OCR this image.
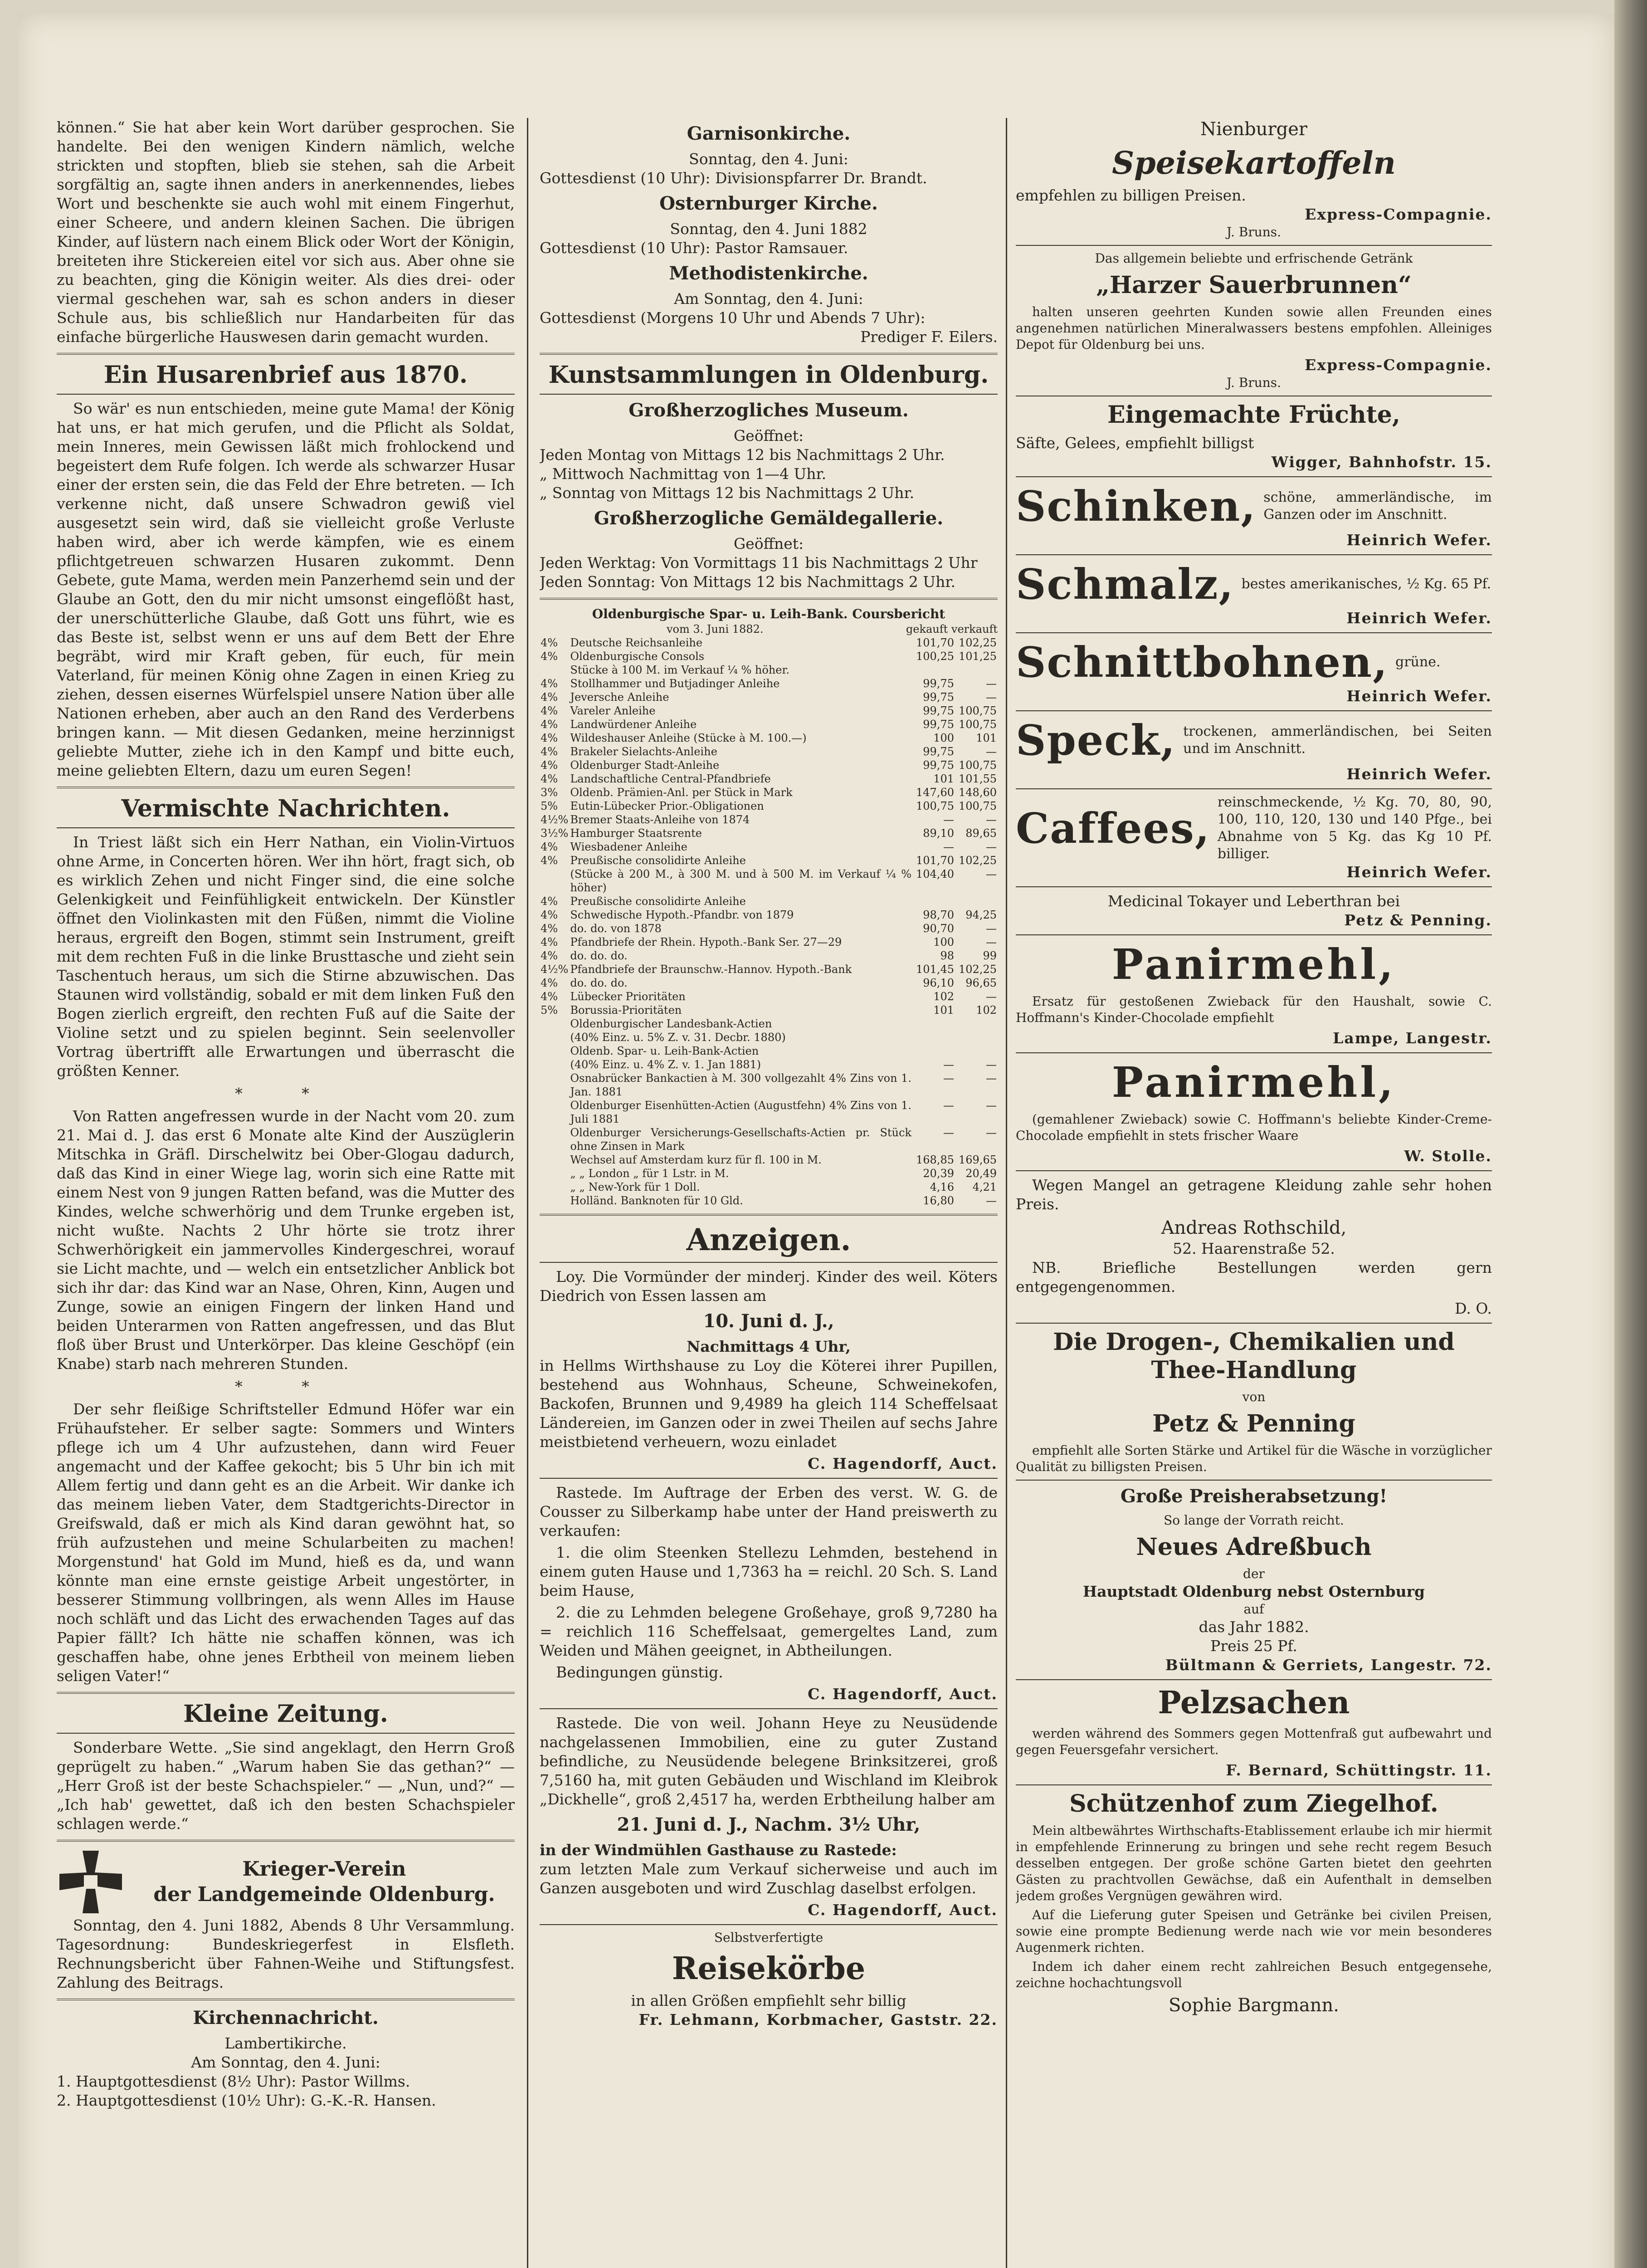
können.“ Sie hat aber kein Wort darüber gesprochen. Sie handelte. Bei den wenigen Kindern nämlich, welche strickten und stopften, blieb sie stehen, sah die Arbeit sorgfältig an, sagte ihnen anders in anerkennendes, liebes Wort und beschenkte sie auch wohl mit einem Fingerhut, einer Scheere, und andern kleinen Sachen. Die übrigen Kinder, auf lüstern nach einem Blick oder Wort der Königin, breiteten ihre Stickereien eitel vor sich aus. Aber ohne sie zu beachten, ging die Königin weiter. Als dies drei- oder viermal geschehen war, sah es schon anders in dieser Schule aus, bis schließlich nur Handarbeiten für das einfache bürgerliche Hauswesen darin gemacht wurden.

Ein Husarenbrief aus 1870.

So wär' es nun entschieden, meine gute Mama! der König hat uns, er hat mich gerufen, und die Pflicht als Soldat, mein Inneres, mein Gewissen läßt mich frohlockend und begeistert dem Rufe folgen. Ich werde als schwarzer Husar einer der ersten sein, die das Feld der Ehre betreten. — Ich verkenne nicht, daß unsere Schwadron gewiß viel ausgesetzt sein wird, daß sie vielleicht große Verluste haben wird, aber ich werde kämpfen, wie es einem pflichtgetreuen schwarzen Husaren zukommt. Denn Gebete, gute Mama, werden mein Panzerhemd sein und der Glaube an Gott, den du mir nicht umsonst eingeflößt hast, der unerschütterliche Glaube, daß Gott uns führt, wie es das Beste ist, selbst wenn er uns auf dem Bett der Ehre begräbt, wird mir Kraft geben, für euch, für mein Vaterland, für meinen König ohne Zagen in einen Krieg zu ziehen, dessen eisernes Würfelspiel unsere Nation über alle Nationen erheben, aber auch an den Rand des Verderbens bringen kann. — Mit diesen Gedanken, meine herzinnigst geliebte Mutter, ziehe ich in den Kampf und bitte euch, meine geliebten Eltern, dazu um euren Segen!

Vermischte Nachrichten.

In Triest läßt sich ein Herr Nathan, ein Violin-Virtuos ohne Arme, in Concerten hören. Wer ihn hört, fragt sich, ob es wirklich Zehen und nicht Finger sind, die eine solche Gelenkigkeit und Feinfühligkeit entwickeln. Der Künstler öffnet den Violinkasten mit den Füßen, nimmt die Violine heraus, ergreift den Bogen, stimmt sein Instrument, greift mit dem rechten Fuß in die linke Brusttasche und zieht sein Taschentuch heraus, um sich die Stirne abzuwischen. Das Staunen wird vollständig, sobald er mit dem linken Fuß den Bogen zierlich ergreift, den rechten Fuß auf die Saite der Violine setzt und zu spielen beginnt. Sein seelenvoller Vortrag übertrifft alle Erwartungen und überrascht die größten Kenner.

* *

Von Ratten angefressen wurde in der Nacht vom 20. zum 21. Mai d. J. das erst 6 Monate alte Kind der Auszüglerin Mitschka in Gräfl. Dirschelwitz bei Ober-Glogau dadurch, daß das Kind in einer Wiege lag, worin sich eine Ratte mit einem Nest von 9 jungen Ratten befand, was die Mutter des Kindes, welche schwerhörig und dem Trunke ergeben ist, nicht wußte. Nachts 2 Uhr hörte sie trotz ihrer Schwerhörigkeit ein jammervolles Kindergeschrei, worauf sie Licht machte, und — welch ein entsetzlicher Anblick bot sich ihr dar: das Kind war an Nase, Ohren, Kinn, Augen und Zunge, sowie an einigen Fingern der linken Hand und beiden Unterarmen von Ratten angefressen, und das Blut floß über Brust und Unterkörper. Das kleine Geschöpf (ein Knabe) starb nach mehreren Stunden.

* *

Der sehr fleißige Schriftsteller Edmund Höfer war ein Frühaufsteher. Er selber sagte: Sommers und Winters pflege ich um 4 Uhr aufzustehen, dann wird Feuer angemacht und der Kaffee gekocht; bis 5 Uhr bin ich mit Allem fertig und dann geht es an die Arbeit. Wir danke ich das meinem lieben Vater, dem Stadtgerichts-Director in Greifswald, daß er mich als Kind daran gewöhnt hat, so früh aufzustehen und meine Schularbeiten zu machen! Morgenstund' hat Gold im Mund, hieß es da, und wann könnte man eine ernste geistige Arbeit ungestörter, in besserer Stimmung vollbringen, als wenn Alles im Hause noch schläft und das Licht des erwachenden Tages auf das Papier fällt? Ich hätte nie schaffen können, was ich geschaffen habe, ohne jenes Erbtheil von meinem lieben seligen Vater!“

Kleine Zeitung.

Sonderbare Wette. „Sie sind angeklagt, den Herrn Groß geprügelt zu haben.“ „Warum haben Sie das gethan?“ — „Herr Groß ist der beste Schachspieler.“ — „Nun, und?“ — „Ich hab' gewettet, daß ich den besten Schachspieler schlagen werde.“

Krieger-Verein
der Landgemeinde Oldenburg.

Sonntag, den 4. Juni 1882, Abends 8 Uhr Versammlung. Tagesordnung: Bundeskriegerfest in Elsfleth. Rechnungsbericht über Fahnen-Weihe und Stiftungsfest. Zahlung des Beitrags.

Kirchennachricht.
Lambertikirche.
Am Sonntag, den 4. Juni:
1. Hauptgottesdienst (8½ Uhr): Pastor Willms.
2. Hauptgottesdienst (10½ Uhr): G.-K.-R. Hansen.
Garnisonkirche.
Sonntag, den 4. Juni:
Gottesdienst (10 Uhr): Divisionspfarrer Dr. Brandt.
Osternburger Kirche.
Sonntag, den 4. Juni 1882
Gottesdienst (10 Uhr): Pastor Ramsauer.
Methodistenkirche.
Am Sonntag, den 4. Juni:
Gottesdienst (Morgens 10 Uhr und Abends 7 Uhr):
Prediger F. Eilers.
Kunstsammlungen in Oldenburg.
Großherzogliches Museum.
Geöffnet:
Jeden Montag von Mittags 12 bis Nachmittags 2 Uhr.
„ Mittwoch Nachmittag von 1—4 Uhr.
„ Sonntag von Mittags 12 bis Nachmittags 2 Uhr.
Großherzogliche Gemäldegallerie.
Geöffnet:
Jeden Werktag: Von Vormittags 11 bis Nachmittags 2 Uhr
Jeden Sonntag: Von Mittags 12 bis Nachmittags 2 Uhr.
Oldenburgische Spar- u. Leih-Bank. Coursbericht
vom 3. Juni 1882.	gekauft verkauft
4%	Deutsche Reichsanleihe	101,70	102,25
4%	Oldenburgische Consols	100,25	101,25
	Stücke à 100 M. im Verkauf ¼ % höher.		
4%	Stollhammer und Butjadinger Anleihe	99,75	—
4%	Jeversche Anleihe	99,75	—
4%	Vareler Anleihe	99,75	100,75
4%	Landwürdener Anleihe	99,75	100,75
4%	Wildeshauser Anleihe (Stücke à M. 100.—)	100	101
4%	Brakeler Sielachts-Anleihe	99,75	—
4%	Oldenburger Stadt-Anleihe	99,75	100,75
4%	Landschaftliche Central-Pfandbriefe	101	101,55
3%	Oldenb. Prämien-Anl. per Stück in Mark	147,60	148,60
5%	Eutin-Lübecker Prior.-Obligationen	100,75	100,75
4½%	Bremer Staats-Anleihe von 1874	—	—
3½%	Hamburger Staatsrente	89,10	89,65
4%	Wiesbadener Anleihe	—	—
4%	Preußische consolidirte Anleihe	101,70	102,25
	(Stücke à 200 M., à 300 M. und à 500 M. im Verkauf ¼ % höher)	104,40	—
4%	Preußische consolidirte Anleihe		
4%	Schwedische Hypoth.-Pfandbr. von 1879	98,70	94,25
4%	do. do. von 1878	90,70	—
4%	Pfandbriefe der Rhein. Hypoth.-Bank Ser. 27—29	100	—
4%	do. do. do.	98	99
4½%	Pfandbriefe der Braunschw.-Hannov. Hypoth.-Bank	101,45	102,25
4%	do. do. do.	96,10	96,65
4%	Lübecker Prioritäten	102	—
5%	Borussia-Prioritäten	101	102
	Oldenburgischer Landesbank-Actien		
	(40% Einz. u. 5% Z. v. 31. Decbr. 1880)		
	Oldenb. Spar- u. Leih-Bank-Actien		
	(40% Einz. u. 4% Z. v. 1. Jan 1881)	—	—
	Osnabrücker Bankactien à M. 300 vollgezahlt 4% Zins von 1. Jan. 1881	—	—
	Oldenburger Eisenhütten-Actien (Augustfehn) 4% Zins von 1. Juli 1881	—	—
	Oldenburger Versicherungs-Gesellschafts-Actien pr. Stück ohne Zinsen in Mark	—	—
	Wechsel auf Amsterdam kurz für fl. 100 in M.	168,85	169,65
	„ „ London „ für 1 Lstr. in M.	20,39	20,49
	„ „ New-York für 1 Doll.	4,16	4,21
	Holländ. Banknoten für 10 Gld.	16,80	—
Anzeigen.

Loy. Die Vormünder der minderj. Kinder des weil. Köters Diedrich von Essen lassen am

10. Juni d. J.,
Nachmittags 4 Uhr,

in Hellms Wirthshause zu Loy die Köterei ihrer Pupillen, bestehend aus Wohnhaus, Scheune, Schweinekofen, Backofen, Brunnen und 9,4989 ha gleich 114 Scheffelsaat Ländereien, im Ganzen oder in zwei Theilen auf sechs Jahre meistbietend verheuern, wozu einladet

C. Hagendorff, Auct.

Rastede. Im Auftrage der Erben des verst. W. G. de Cousser zu Silberkamp habe unter der Hand preiswerth zu verkaufen:

1. die olim Steenken Stellezu Lehmden, bestehend in einem guten Hause und 1,7363 ha = reichl. 20 Sch. S. Land beim Hause,

2. die zu Lehmden belegene Großehaye, groß 9,7280 ha = reichlich 116 Scheffelsaat, gemergeltes Land, zum Weiden und Mähen geeignet, in Abtheilungen.

Bedingungen günstig.

C. Hagendorff, Auct.

Rastede. Die von weil. Johann Heye zu Neusüdende nachgelassenen Immobilien, eine zu guter Zustand befindliche, zu Neusüdende belegene Brinksitzerei, groß 7,5160 ha, mit guten Gebäuden und Wischland im Kleibrok „Dickhelle“, groß 2,4517 ha, werden Erbtheilung halber am

21. Juni d. J., Nachm. 3½ Uhr,
in der Windmühlen Gasthause zu Rastede:

zum letzten Male zum Verkauf sicherweise und auch im Ganzen ausgeboten und wird Zuschlag daselbst erfolgen.

C. Hagendorff, Auct.
Selbstverfertigte
Reisekörbe
in allen Größen empfiehlt sehr billig
Fr. Lehmann, Korbmacher, Gaststr. 22.
Nienburger
Speisekartoffeln
empfehlen zu billigen Preisen.
Express-Compagnie.
J. Bruns.
Das allgemein beliebte und erfrischende Getränk
„Harzer Sauerbrunnen“

halten unseren geehrten Kunden sowie allen Freunden eines angenehmen natürlichen Mineralwassers bestens empfohlen. Alleiniges Depot für Oldenburg bei uns.

Express-Compagnie.
J. Bruns.
Eingemachte Früchte,
Säfte, Gelees, empfiehlt billigst
Wigger, Bahnhofstr. 15.
Schinken, schöne, ammerländische, im Ganzen oder im Anschnitt.
Heinrich Wefer.
Schmalz, bestes amerikanisches, ½ Kg. 65 Pf.
Heinrich Wefer.
Schnittbohnen, grüne.
Heinrich Wefer.
Speck, trockenen, ammerländischen, bei Seiten und im Anschnitt.
Heinrich Wefer.
Caffees,
reinschmeckende, ½ Kg. 70, 80, 90, 100, 110, 120, 130 und 140 Pfge., bei Abnahme von 5 Kg. das Kg 10 Pf. billiger.
Heinrich Wefer.
Medicinal Tokayer und Leberthran bei
Petz & Penning.
Panirmehl,

Ersatz für gestoßenen Zwieback für den Haushalt, sowie C. Hoffmann's Kinder-Chocolade empfiehlt

Lampe, Langestr.
Panirmehl,

(gemahlener Zwieback) sowie C. Hoffmann's beliebte Kinder-Creme-Chocolade empfiehlt in stets frischer Waare

W. Stolle.

Wegen Mangel an getragene Kleidung zahle sehr hohen Preis.

Andreas Rothschild,
52. Haarenstraße 52.

NB. Briefliche Bestellungen werden gern entgegengenommen.

D. O.
Die Drogen-, Chemikalien und Thee-Handlung
von
Petz & Penning

empfiehlt alle Sorten Stärke und Artikel für die Wäsche in vorzüglicher Qualität zu billigsten Preisen.

Große Preisherabsetzung!
So lange der Vorrath reicht.
Neues Adreßbuch
der
Hauptstadt Oldenburg nebst Osternburg
auf
das Jahr 1882.
Preis 25 Pf.
Bültmann & Gerriets, Langestr. 72.
Pelzsachen

werden während des Sommers gegen Mottenfraß gut aufbewahrt und gegen Feuersgefahr versichert.

F. Bernard, Schüttingstr. 11.
Schützenhof zum Ziegelhof.

Mein altbewährtes Wirthschafts-Etablissement erlaube ich mir hiermit in empfehlende Erinnerung zu bringen und sehe recht regem Besuch desselben entgegen. Der große schöne Garten bietet den geehrten Gästen zu prachtvollen Gewächse, daß ein Aufenthalt in demselben jedem großes Vergnügen gewähren wird.

Auf die Lieferung guter Speisen und Getränke bei civilen Preisen, sowie eine prompte Bedienung werde nach wie vor mein besonderes Augenmerk richten.

Indem ich daher einem recht zahlreichen Besuch entgegensehe, zeichne hochachtungsvoll

Sophie Bargmann.
